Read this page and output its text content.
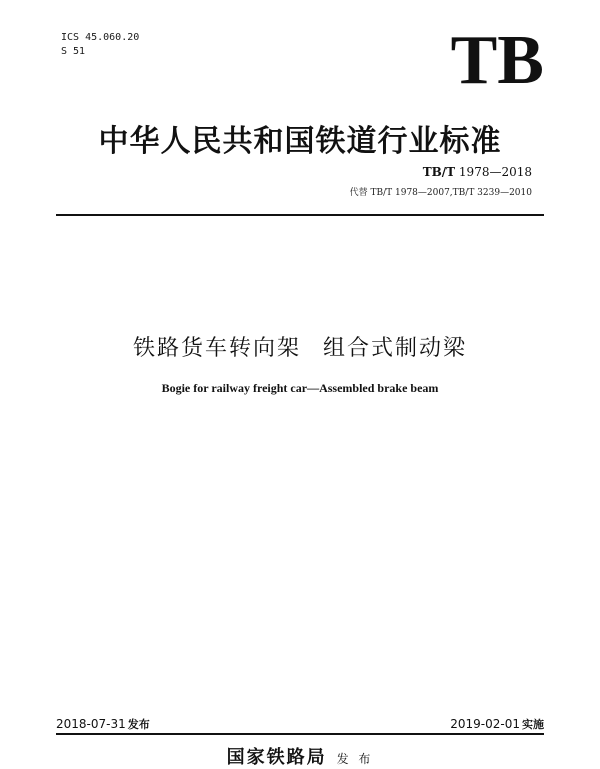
ICS 45.060.20
S 51	TB
中华人民共和国铁道行业标准
TB/T 1978—2018
代替 TB/T 1978—2007,TB/T 3239—2010
铁路货车转向架 组合式制动梁
Bogie for railway freight car—Assembled brake beam
2018-07-31 发布	2019-02-01 实施
国家铁路局 发 布
